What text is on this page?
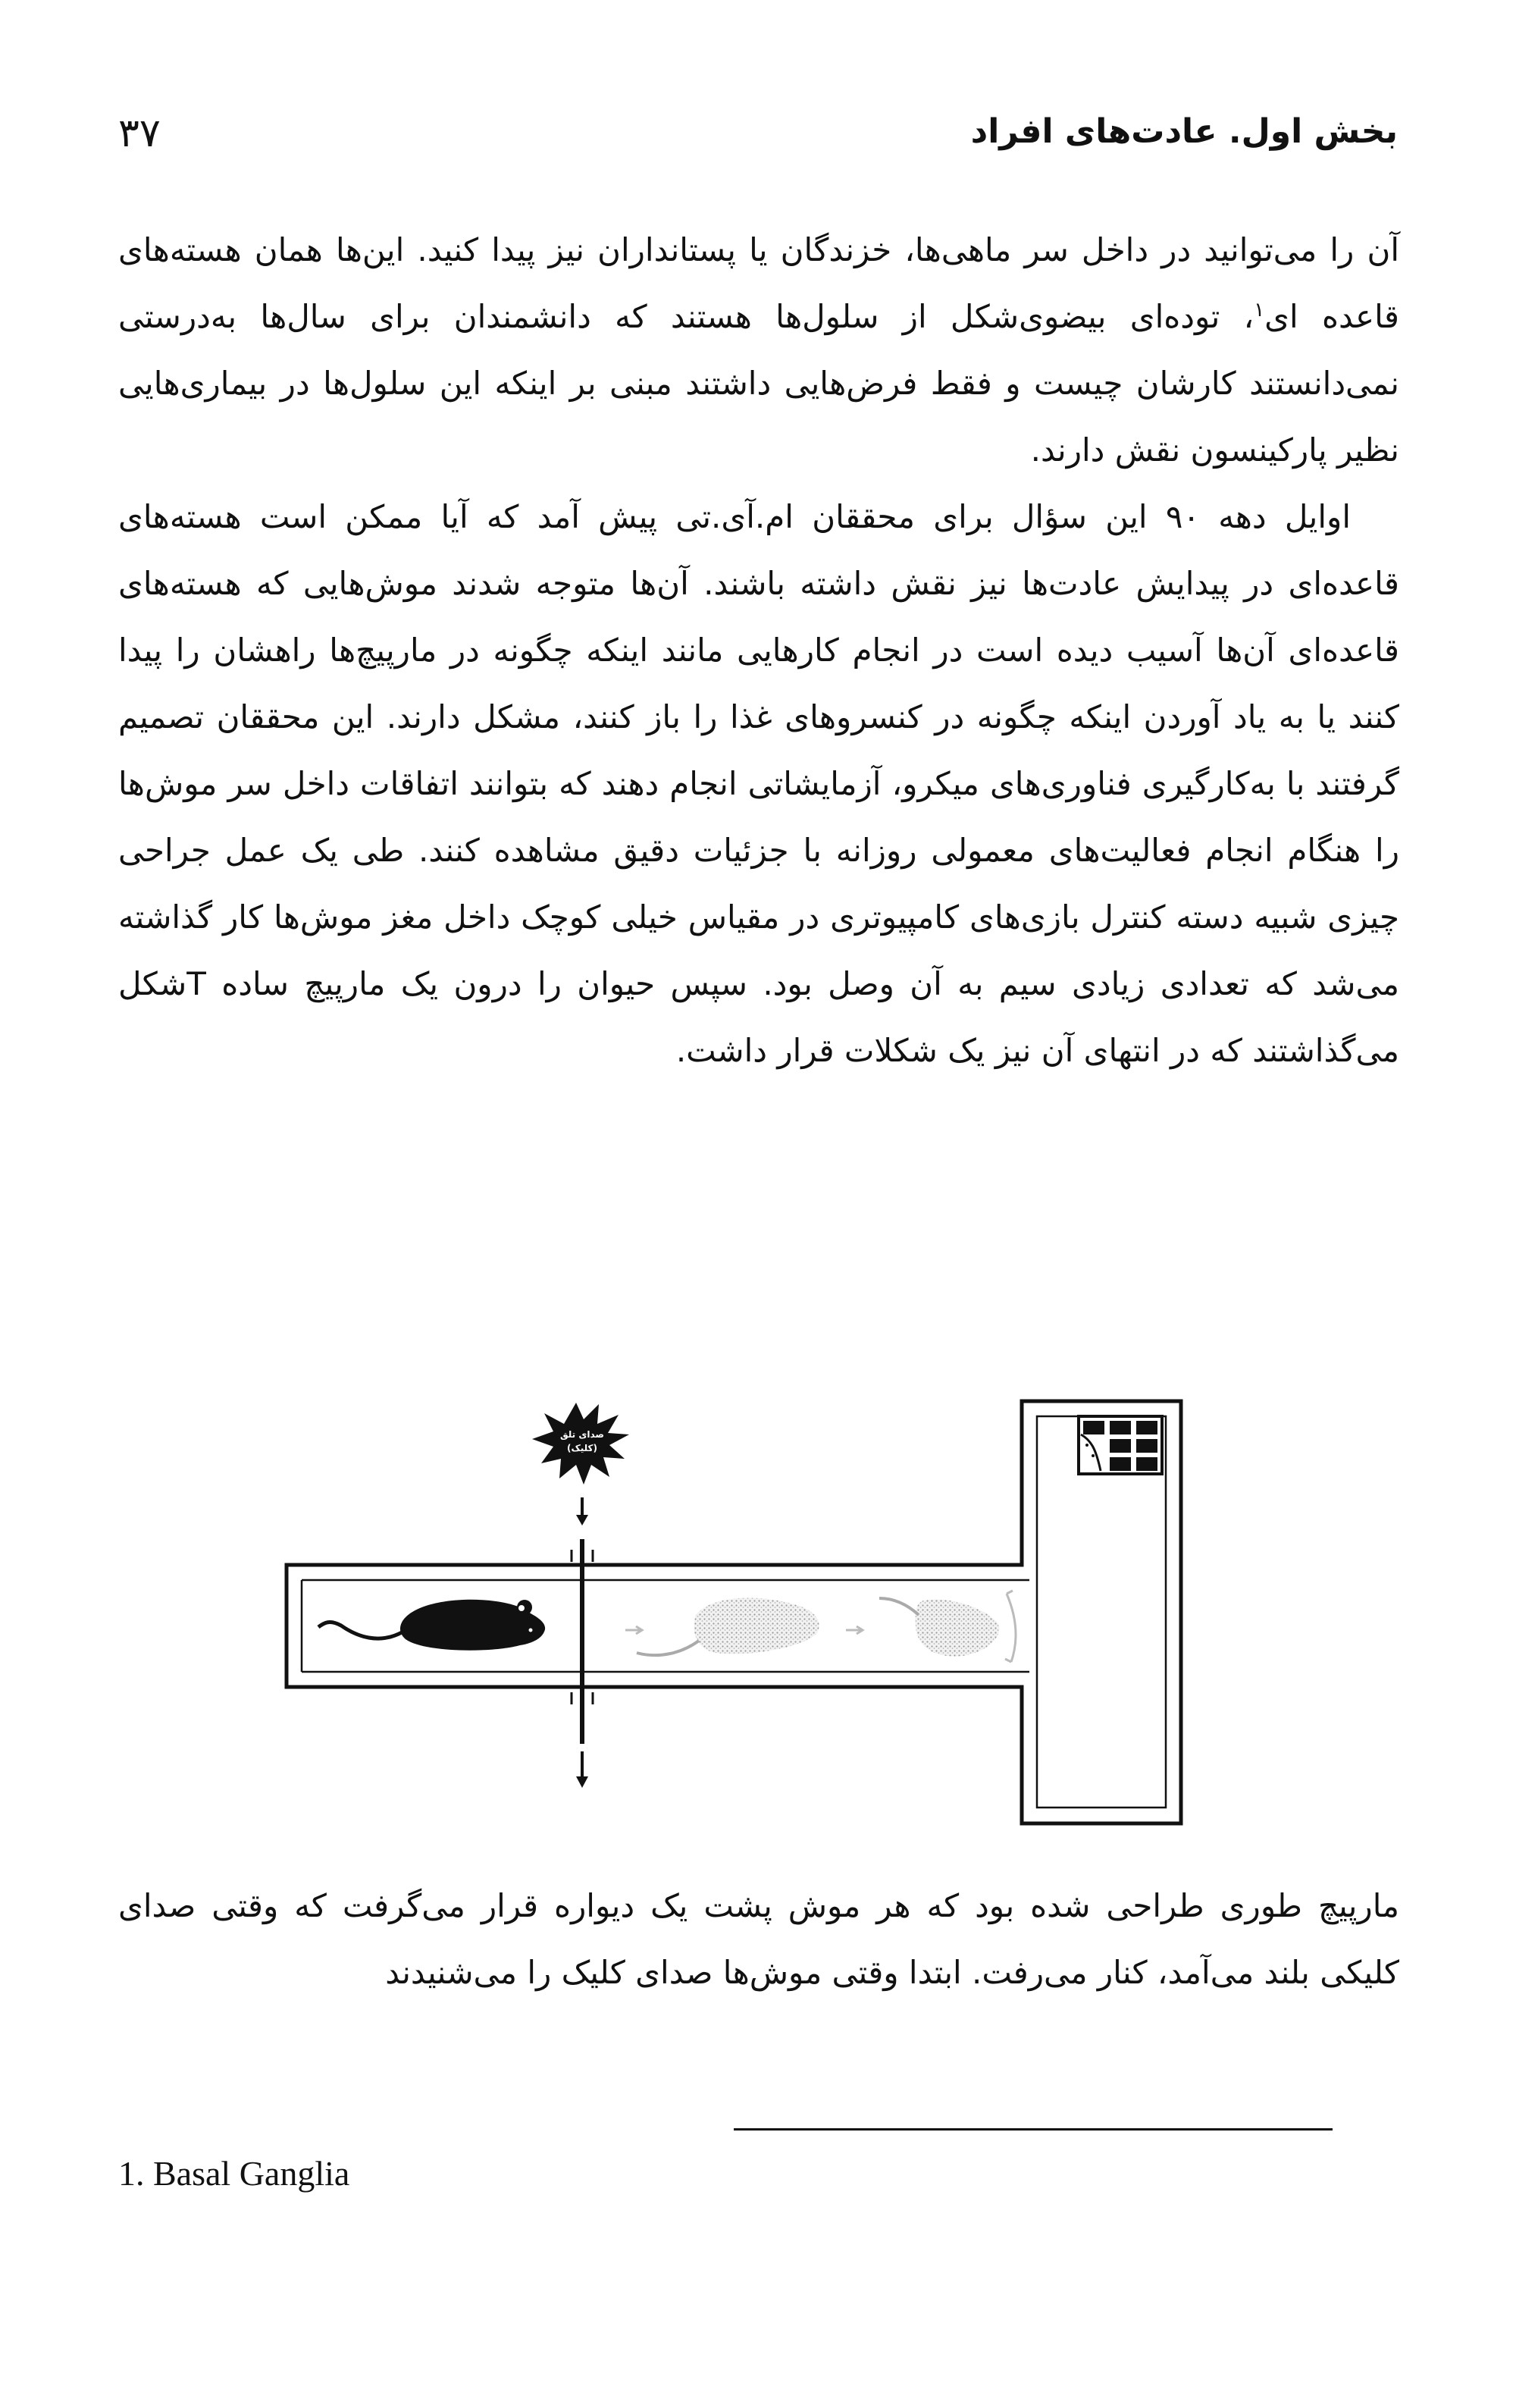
۳۷	بخش اول. عادت‌های افراد

آن را می‌توانید در داخل سر ماهی‌ها، خزندگان یا پستانداران نیز پیدا کنید. این‌ها همان هسته‌های قاعده ای$^۱$، توده‌ای بیضوی‌شکل از سلول‌ها هستند که دانشمندان برای سال‌ها به‌درستی نمی‌دانستند کارشان چیست و فقط فرض‌هایی داشتند مبنی بر اینکه این سلول‌ها در بیماری‌هایی نظیر پارکینسون نقش دارند.

اوایل دهه ۹۰ این سؤال برای محققان ام.آی.تی پیش آمد که آیا ممکن است هسته‌های قاعده‌ای در پیدایش عادت‌ها نیز نقش داشته باشند. آن‌ها متوجه شدند موش‌هایی که هسته‌های قاعده‌ای آن‌ها آسیب دیده است در انجام کارهایی مانند اینکه چگونه در مارپیچ‌ها راهشان را پیدا کنند یا به یاد آوردن اینکه چگونه در کنسروهای غذا را باز کنند، مشکل دارند. این محققان تصمیم گرفتند با به‌کارگیری فناوری‌های میکرو، آزمایشاتی انجام دهند که بتوانند اتفاقات داخل سر موش‌ها را هنگام انجام فعالیت‌های معمولی روزانه با جزئیات دقیق مشاهده کنند. طی یک عمل جراحی چیزی شبیه دسته کنترل بازی‌های کامپیوتری در مقیاس خیلی کوچک داخل مغز موش‌ها کار گذاشته می‌شد که تعدادی زیادی سیم به آن وصل بود. سپس حیوان را درون یک مارپیچ ساده Tشکل می‌گذاشتند که در انتهای آن نیز یک شکلات قرار داشت.

صدای تلق
(کلیک)

مارپیچ طوری طراحی شده بود که هر موش پشت یک دیواره قرار می‌گرفت که وقتی صدای کلیکی بلند می‌آمد، کنار می‌رفت. ابتدا وقتی موش‌ها صدای کلیک را می‌شنیدند

1. Basal Ganglia
